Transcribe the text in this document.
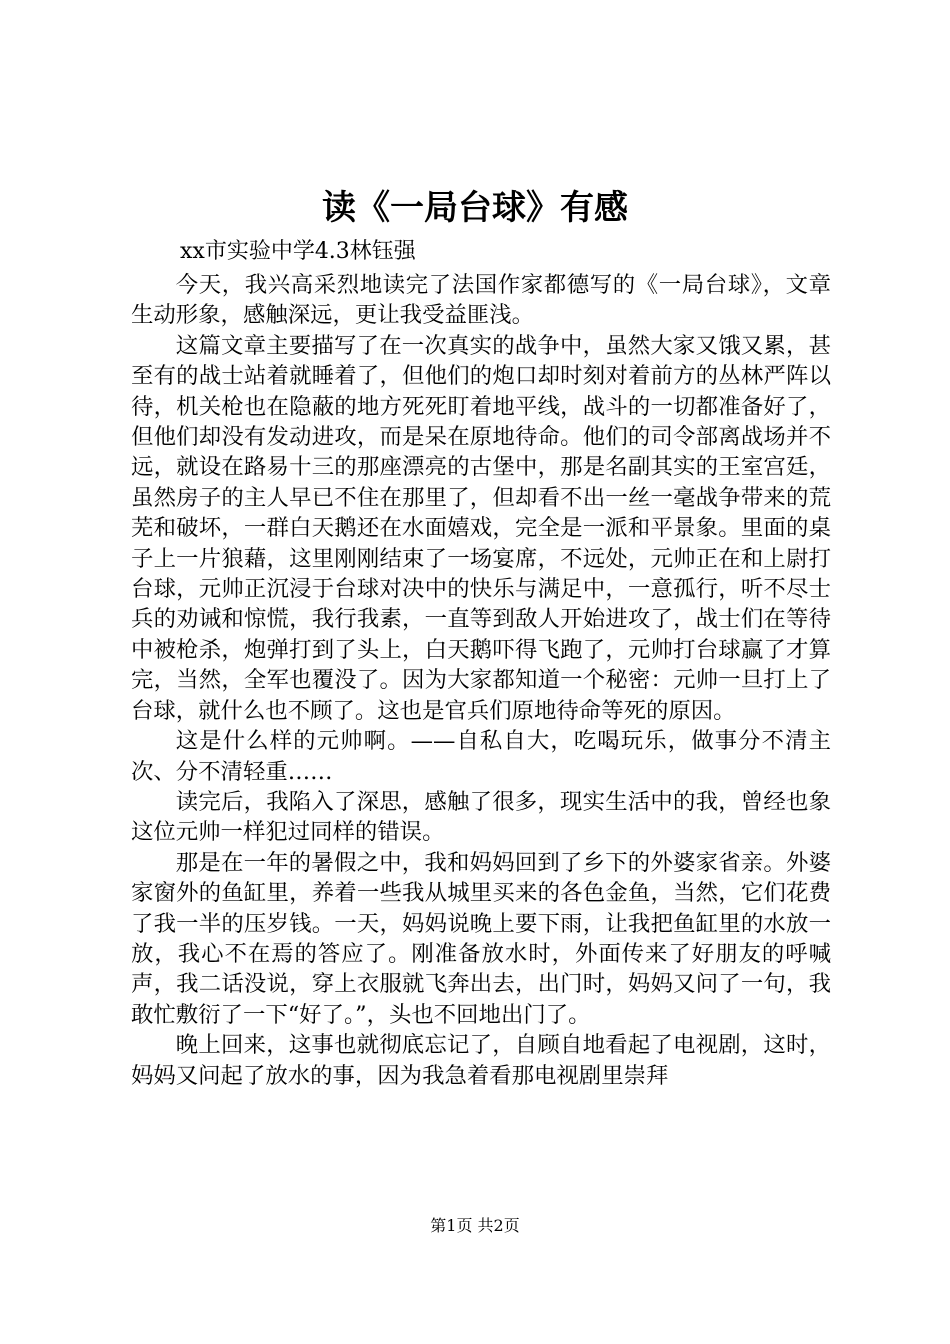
读《一局台球》有感

xx市实验中学4.3林钰强

今天，我兴高采烈地读完了法国作家都德写的《一局台球》，文章生动形象，感触深远，更让我受益匪浅。

这篇文章主要描写了在一次真实的战争中，虽然大家又饿又累，甚至有的战士站着就睡着了，但他们的炮口却时刻对着前方的丛林严阵以待，机关枪也在隐蔽的地方死死盯着地平线，战斗的一切都准备好了，但他们却没有发动进攻，而是呆在原地待命。他们的司令部离战场并不远，就设在路易十三的那座漂亮的古堡中，那是名副其实的王室宫廷，虽然房子的主人早已不住在那里了，但却看不出一丝一毫战争带来的荒芜和破坏，一群白天鹅还在水面嬉戏，完全是一派和平景象。里面的桌子上一片狼藉，这里刚刚结束了一场宴席，不远处，元帅正在和上尉打台球，元帅正沉浸于台球对决中的快乐与满足中，一意孤行，听不尽士兵的劝诫和惊慌，我行我素，一直等到敌人开始进攻了，战士们在等待中被枪杀，炮弹打到了头上，白天鹅吓得飞跑了，元帅打台球赢了才算完，当然，全军也覆没了。因为大家都知道一个秘密：元帅一旦打上了台球，就什么也不顾了。这也是官兵们原地待命等死的原因。

这是什么样的元帅啊。——自私自大，吃喝玩乐，做事分不清主次、分不清轻重……

读完后，我陷入了深思，感触了很多，现实生活中的我，曾经也象这位元帅一样犯过同样的错误。

那是在一年的暑假之中，我和妈妈回到了乡下的外婆家省亲。外婆家窗外的鱼缸里，养着一些我从城里买来的各色金鱼，当然，它们花费了我一半的压岁钱。一天，妈妈说晚上要下雨，让我把鱼缸里的水放一放，我心不在焉的答应了。刚准备放水时，外面传来了好朋友的呼喊声，我二话没说，穿上衣服就飞奔出去，出门时，妈妈又问了一句，我敢忙敷衍了一下“好了。”，头也不回地出门了。

晚上回来，这事也就彻底忘记了，自顾自地看起了电视剧，这时，妈妈又问起了放水的事，因为我急着看那电视剧里崇拜

第1页 共2页
